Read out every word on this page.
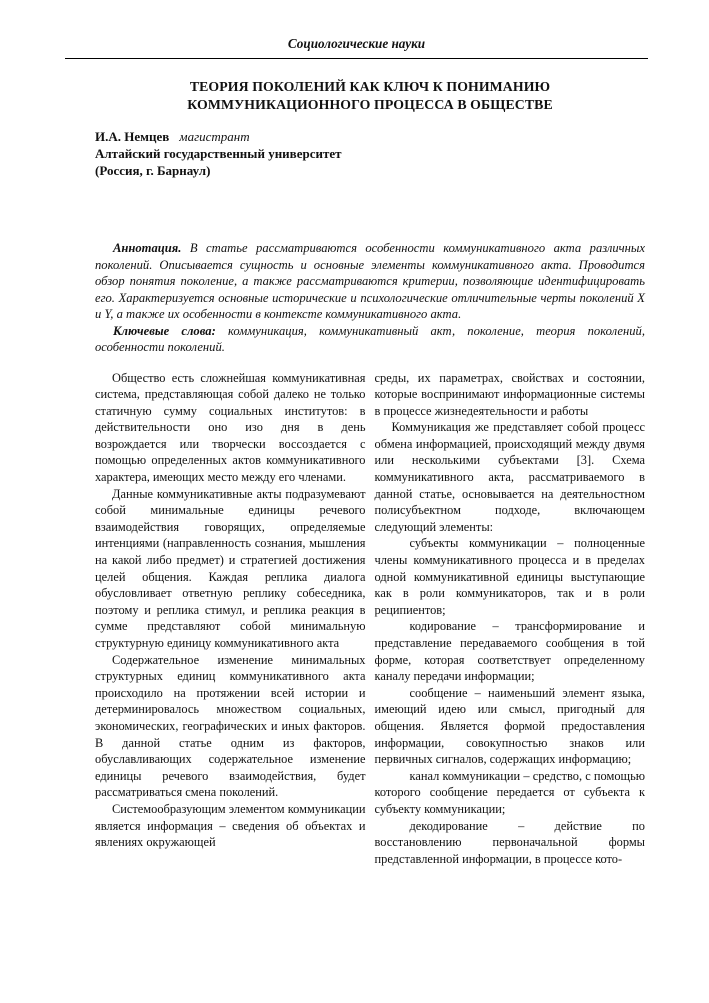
Социологические науки
ТЕОРИЯ ПОКОЛЕНИЙ КАК КЛЮЧ К ПОНИМАНИЮ
КОММУНИКАЦИОННОГО ПРОЦЕССА В ОБЩЕСТВЕ
И.А. Немцев магистрант
Алтайский государственный университет
(Россия, г. Барнаул)

Аннотация. В статье рассматриваются особенности коммуникативного акта различных поколений. Описывается сущность и основные элементы коммуникативного акта. Проводится обзор понятия поколение, а также рассматриваются критерии, позволяющие идентифицировать его. Характеризуется основные исторические и психологические отличительные черты поколений X и Y, а также их особенности в контексте коммуникативного акта.

Ключевые слова: коммуникация, коммуникативный акт, поколение, теория поколений, особенности поколений.

Общество есть сложнейшая коммуникативная система, представляющая собой далеко не только статичную сумму социальных институтов: в действительности оно изо дня в день возрождается или творчески воссоздается с помощью определенных актов коммуникативного характера, имеющих место между его членами.

Данные коммуникативные акты подразумевают собой минимальные единицы речевого взаимодействия говорящих, определяемые интенциями (направленность сознания, мышления на какой либо предмет) и стратегией достижения целей общения. Каждая реплика диалога обусловливает ответную реплику собеседника, поэтому и реплика стимул, и реплика реакция в сумме представляют собой минимальную структурную единицу коммуникативного акта

Содержательное изменение минимальных структурных единиц коммуникативного акта происходило на протяжении всей истории и детерминировалось множеством социальных, экономических, географических и иных факторов. В данной статье одним из факторов, обуславливающих содержательное изменение единицы речевого взаимодействия, будет рассматриваться смена поколений.

Системообразующим элементом коммуникации является информация – сведения об объектах и явлениях окружающей

среды, их параметрах, свойствах и состоянии, которые воспринимают информационные системы в процессе жизнедеятельности и работы

Коммуникация же представляет собой процесс обмена информацией, происходящий между двумя или несколькими субъектами [3]. Схема коммуникативного акта, рассматриваемого в данной статье, основывается на деятельностном полисубъектном подходе, включающем следующий элементы:

субъекты коммуникации – полноценные члены коммуникативного процесса и в пределах одной коммуникативной единицы выступающие как в роли коммуникаторов, так и в роли реципиентов;

кодирование – трансформирование и представление передаваемого сообщения в той форме, которая соответствует определенному каналу передачи информации;

сообщение – наименьший элемент языка, имеющий идею или смысл, пригодный для общения. Является формой предоставления информации, совокупностью знаков или первичных сигналов, содержащих информацию;

канал коммуникации – средство, с помощью которого сообщение передается от субъекта к субъекту коммуникации;

декодирование – действие по восстановлению первоначальной формы представленной информации, в процессе кото-
